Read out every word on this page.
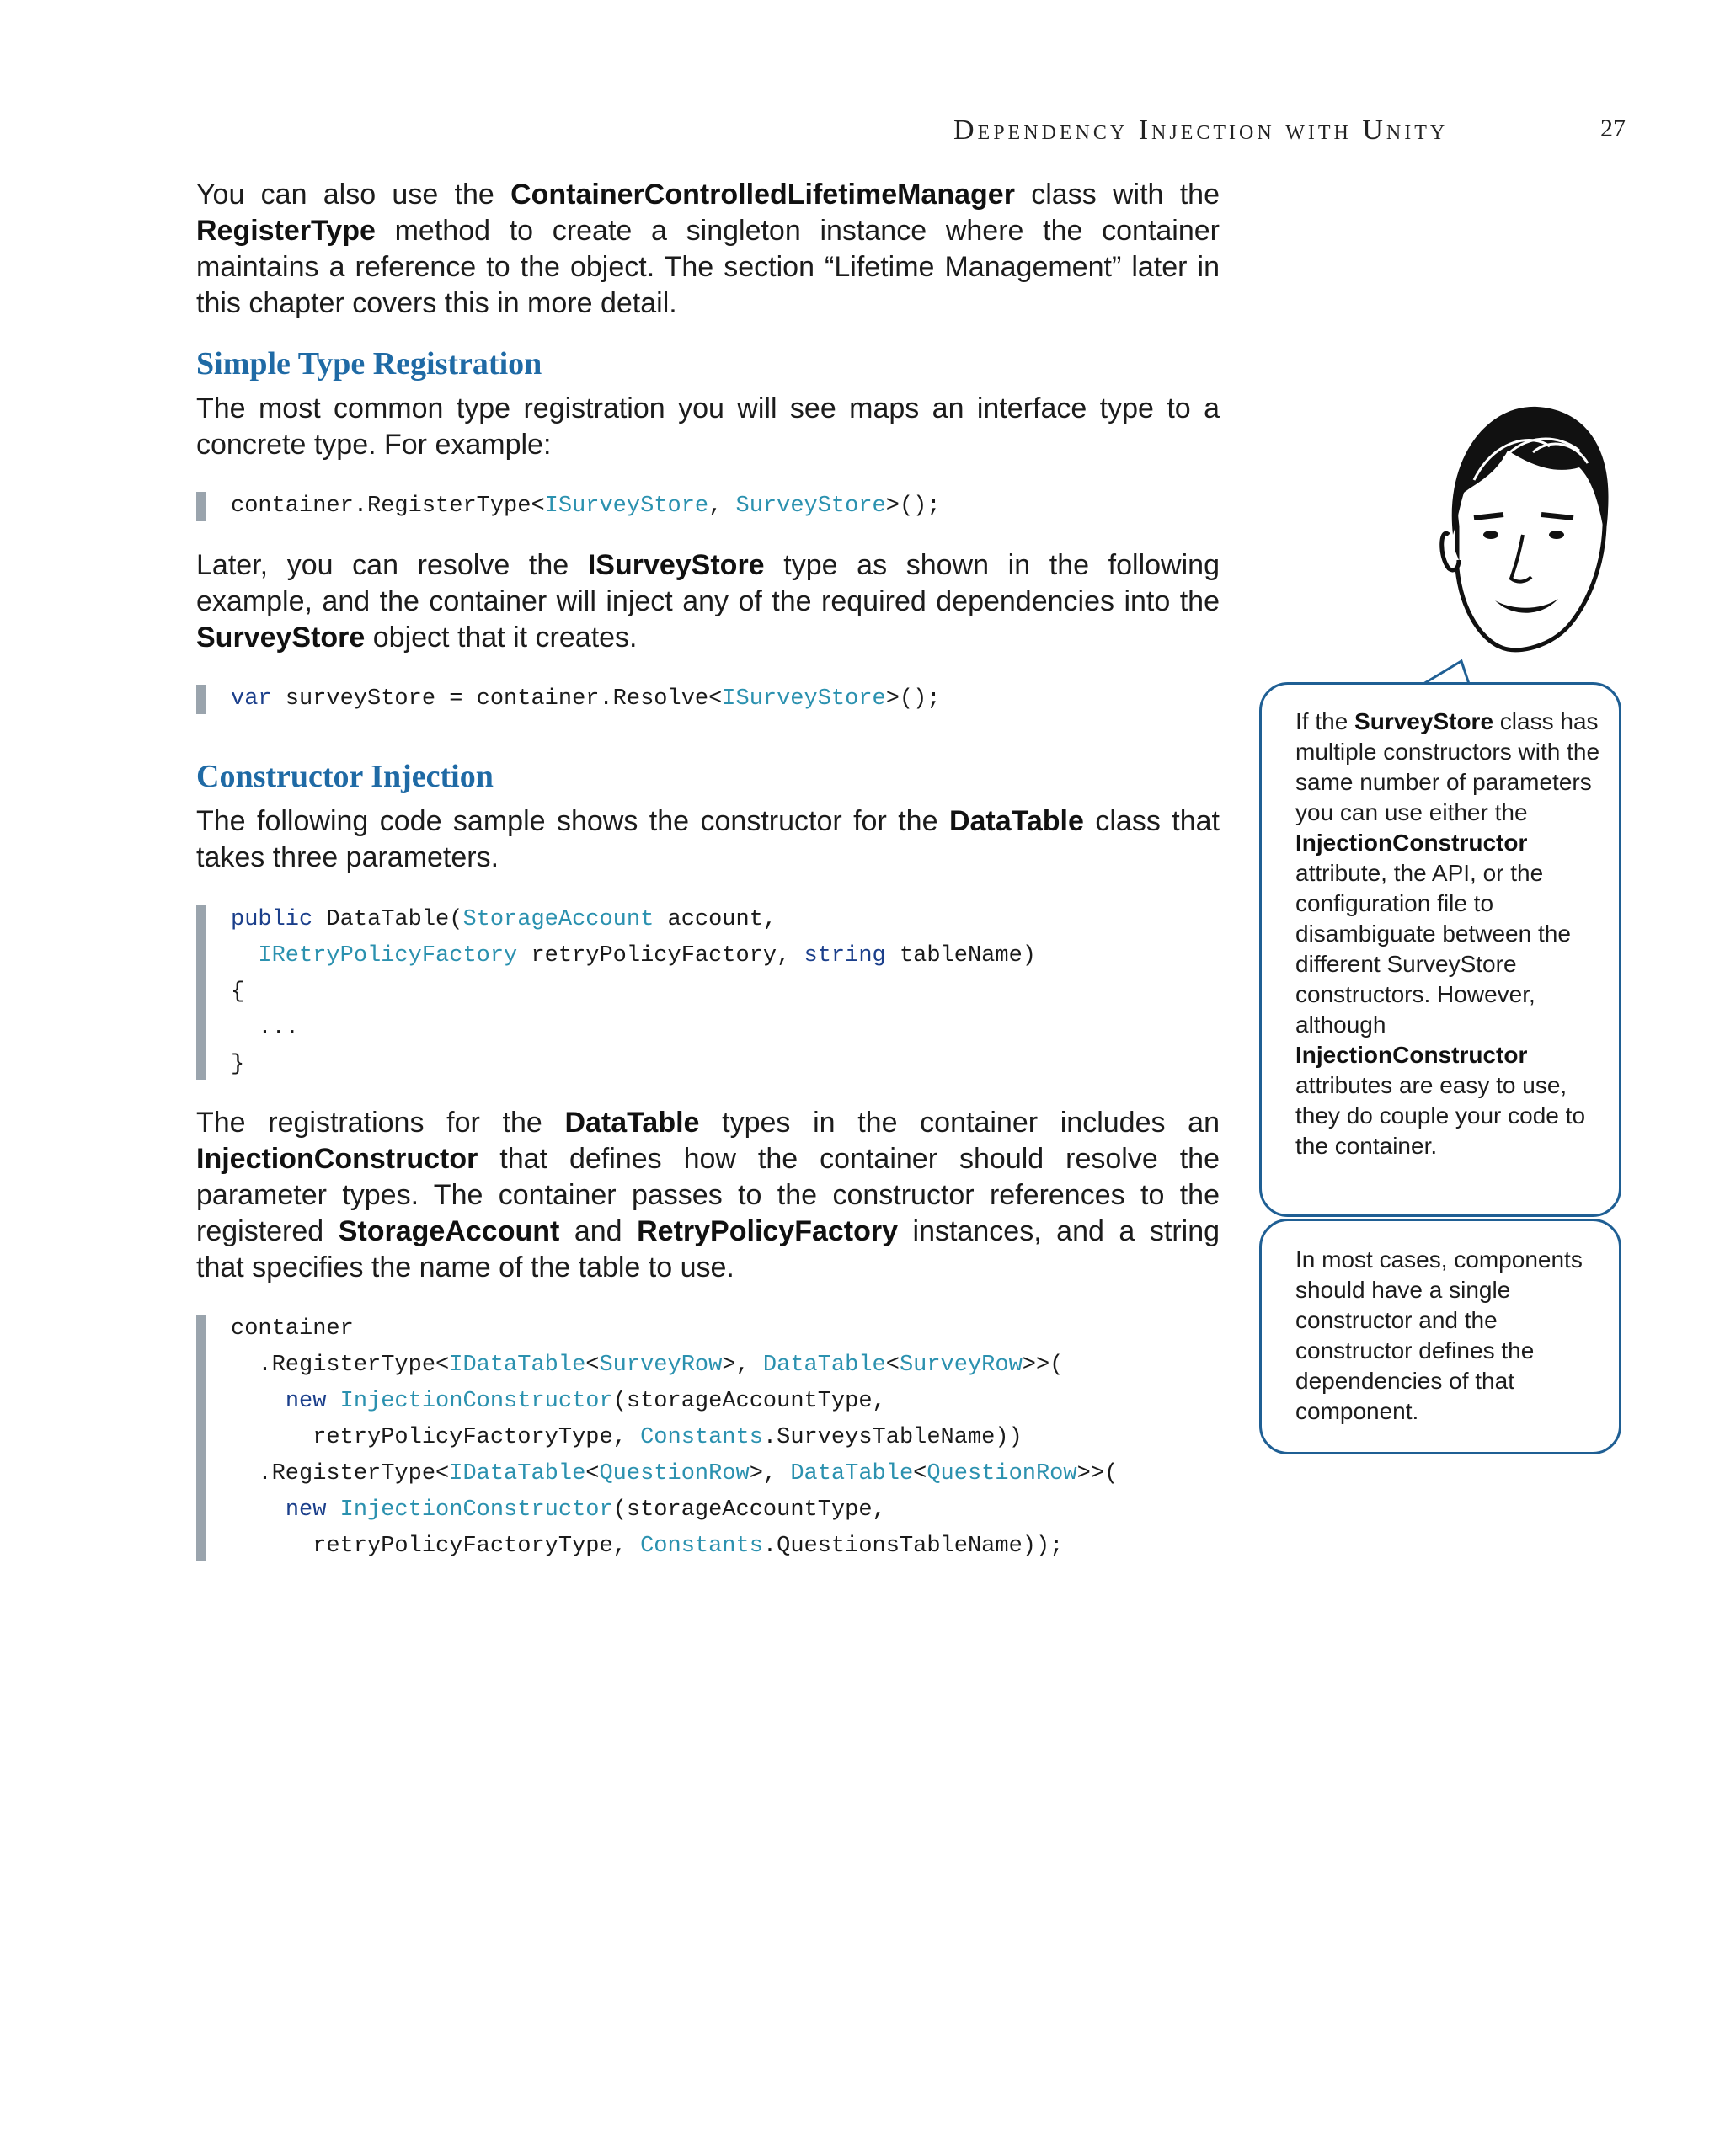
Dependency Injection with Unity	27

You can also use the ContainerControlledLifetimeManager class with the RegisterType method to create a singleton instance where the container maintains a reference to the object. The section “Lifetime Management” later in this chapter covers this in more detail.

Simple Type Registration

The most common type registration you will see maps an interface type to a concrete type. For example:

container.RegisterType<ISurveyStore, SurveyStore>();

Later, you can resolve the ISurveyStore type as shown in the following example, and the container will inject any of the required dependencies into the SurveyStore object that it creates.

var surveyStore = container.Resolve<ISurveyStore>();
Constructor Injection

The following code sample shows the constructor for the DataTable class that takes three parameters.

public DataTable(StorageAccount account,
IRetryPolicyFactory retryPolicyFactory, string tableName)
{
...
}

The registrations for the DataTable types in the container includes an InjectionConstructor that defines how the container should resolve the parameter types. The container passes to the constructor references to the registered StorageAccount and RetryPolicyFactory instances, and a string that specifies the name of the table to use.

container
.RegisterType<IDataTable<SurveyRow>, DataTable<SurveyRow>>(
new InjectionConstructor(storageAccountType,
retryPolicyFactoryType, Constants.SurveysTableName))
.RegisterType<IDataTable<QuestionRow>, DataTable<QuestionRow>>(
new InjectionConstructor(storageAccountType,
retryPolicyFactoryType, Constants.QuestionsTableName));
If the SurveyStore class has multiple constructors with the same number of parameters you can use either the InjectionConstructor attribute, the API, or the configuration file to disambiguate between the different SurveyStore constructors. However, although InjectionConstructor attributes are easy to use, they do couple your code to the container.
In most cases, components should have a single constructor and the constructor defines the dependencies of that component.
